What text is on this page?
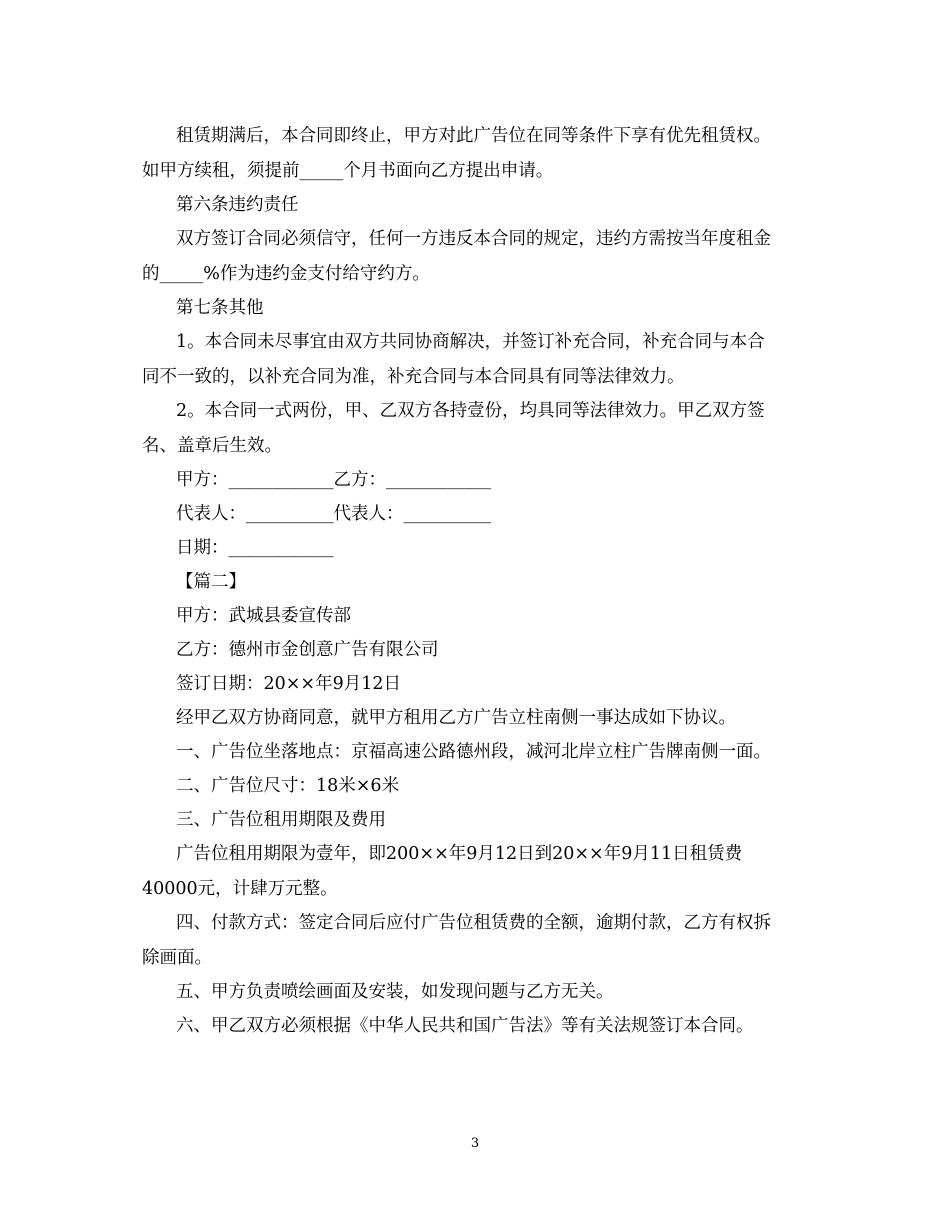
租赁期满后，本合同即终止，甲方对此广告位在同等条件下享有优先租赁权。

如甲方续租，须提前_____个月书面向乙方提出申请。

第六条违约责任

双方签订合同必须信守，任何一方违反本合同的规定，违约方需按当年度租金

的_____%作为违约金支付给守约方。

第七条其他

1。本合同未尽事宜由双方共同协商解决，并签订补充合同，补充合同与本合

同不一致的，以补充合同为准，补充合同与本合同具有同等法律效力。

2。本合同一式两份，甲、乙双方各持壹份，均具同等法律效力。甲乙双方签

名、盖章后生效。

甲方：____________乙方：____________

代表人：__________代表人：__________

日期：____________

【篇二】

甲方：武城县委宣传部

乙方：德州市金创意广告有限公司

签订日期：20××年9月12日

经甲乙双方协商同意，就甲方租用乙方广告立柱南侧一事达成如下协议。

一、广告位坐落地点：京福高速公路德州段，减河北岸立柱广告牌南侧一面。

二、广告位尺寸：18米×6米

三、广告位租用期限及费用

广告位租用期限为壹年，即200××年9月12日到20××年9月11日租赁费

40000元，计肆万元整。

四、付款方式：签定合同后应付广告位租赁费的全额，逾期付款，乙方有权拆

除画面。

五、甲方负责喷绘画面及安装，如发现问题与乙方无关。

六、甲乙双方必须根据《中华人民共和国广告法》等有关法规签订本合同。

3
